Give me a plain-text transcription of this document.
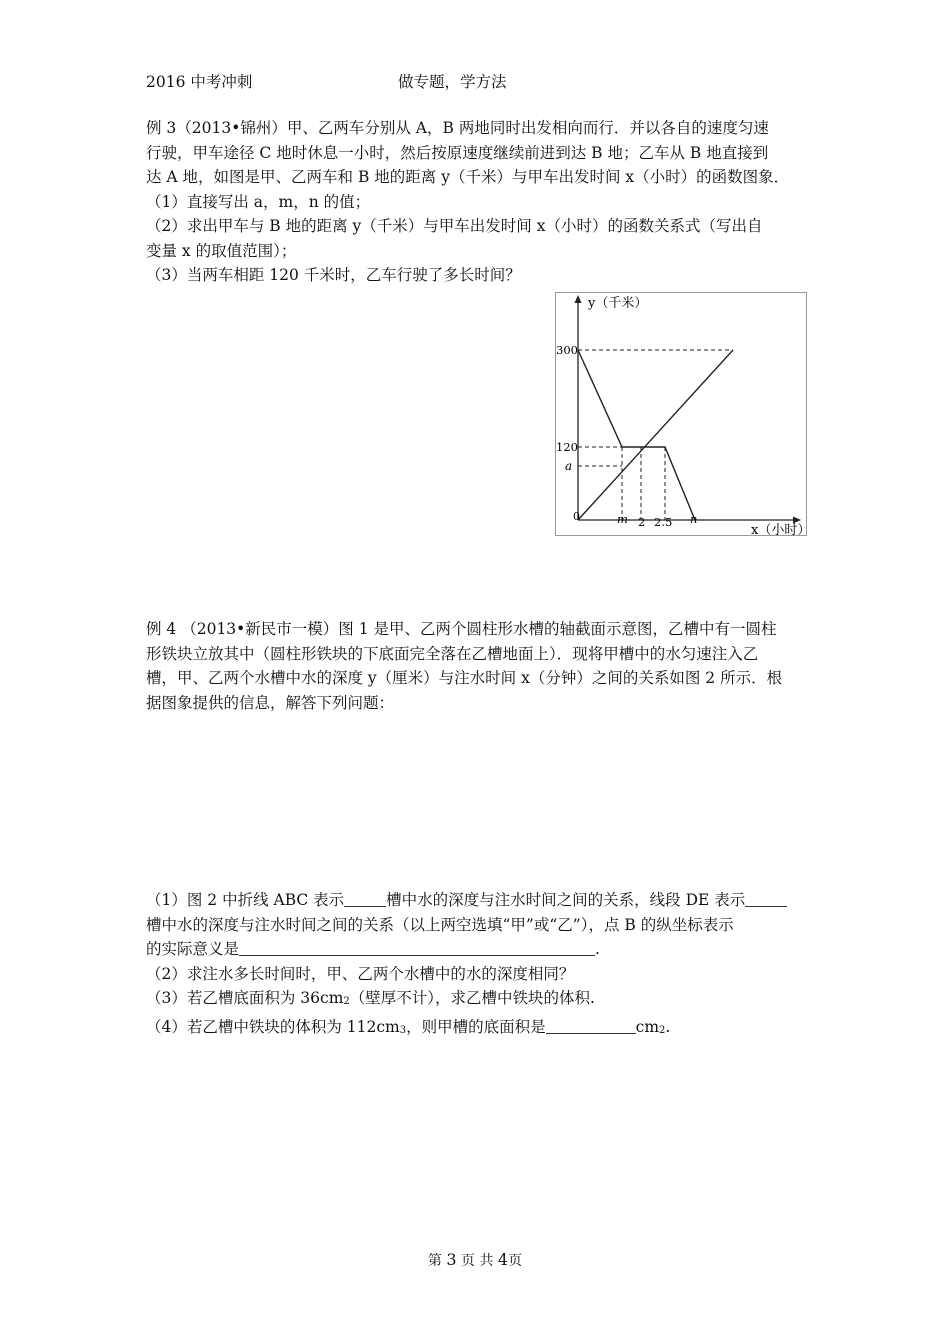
2016 中考冲刺	做专题，学方法
例 3（2013•锦州）甲、乙两车分别从 A，B 两地同时出发相向而行．并以各自的速度匀速
行驶，甲车途径 C 地时休息一小时，然后按原速度继续前进到达 B 地；乙车从 B 地直接到
达 A 地，如图是甲、乙两车和 B 地的距离 y（千米）与甲车出发时间 x（小时）的函数图象．
（1）直接写出 a，m，n 的值；
（2）求出甲车与 B 地的距离 y（千米）与甲车出发时间 x（小时）的函数关系式（写出自
变量 x 的取值范围）；
（3）当两车相距 120 千米时，乙车行驶了多长时间？
y（千米）
x（小时）
300
120
a
0	m 2 2.5 n
例 4 （2013•新民市一模）图 1 是甲、乙两个圆柱形水槽的轴截面示意图，乙槽中有一圆柱
形铁块立放其中（圆柱形铁块的下底面完全落在乙槽地面上）．现将甲槽中的水匀速注入乙
槽，甲、乙两个水槽中水的深度 y（厘米）与注水时间 x（分钟）之间的关系如图 2 所示．根
据图象提供的信息，解答下列问题：
（1）图 2 中折线 ABC 表示	槽中水的深度与注水时间之间的关系，线段 DE 表示
槽中水的深度与注水时间之间的关系（以上两空选填“甲”或“乙”），点 B 的纵坐标表示
的实际意义是	.
（2）求注水多长时间时，甲、乙两个水槽中的水的深度相同？
（3）若乙槽底面积为 36cm2（壁厚不计），求乙槽中铁块的体积.
（4）若乙槽中铁块的体积为 112cm3，则甲槽的底面积是	cm2.
第 3 页 共 4页
